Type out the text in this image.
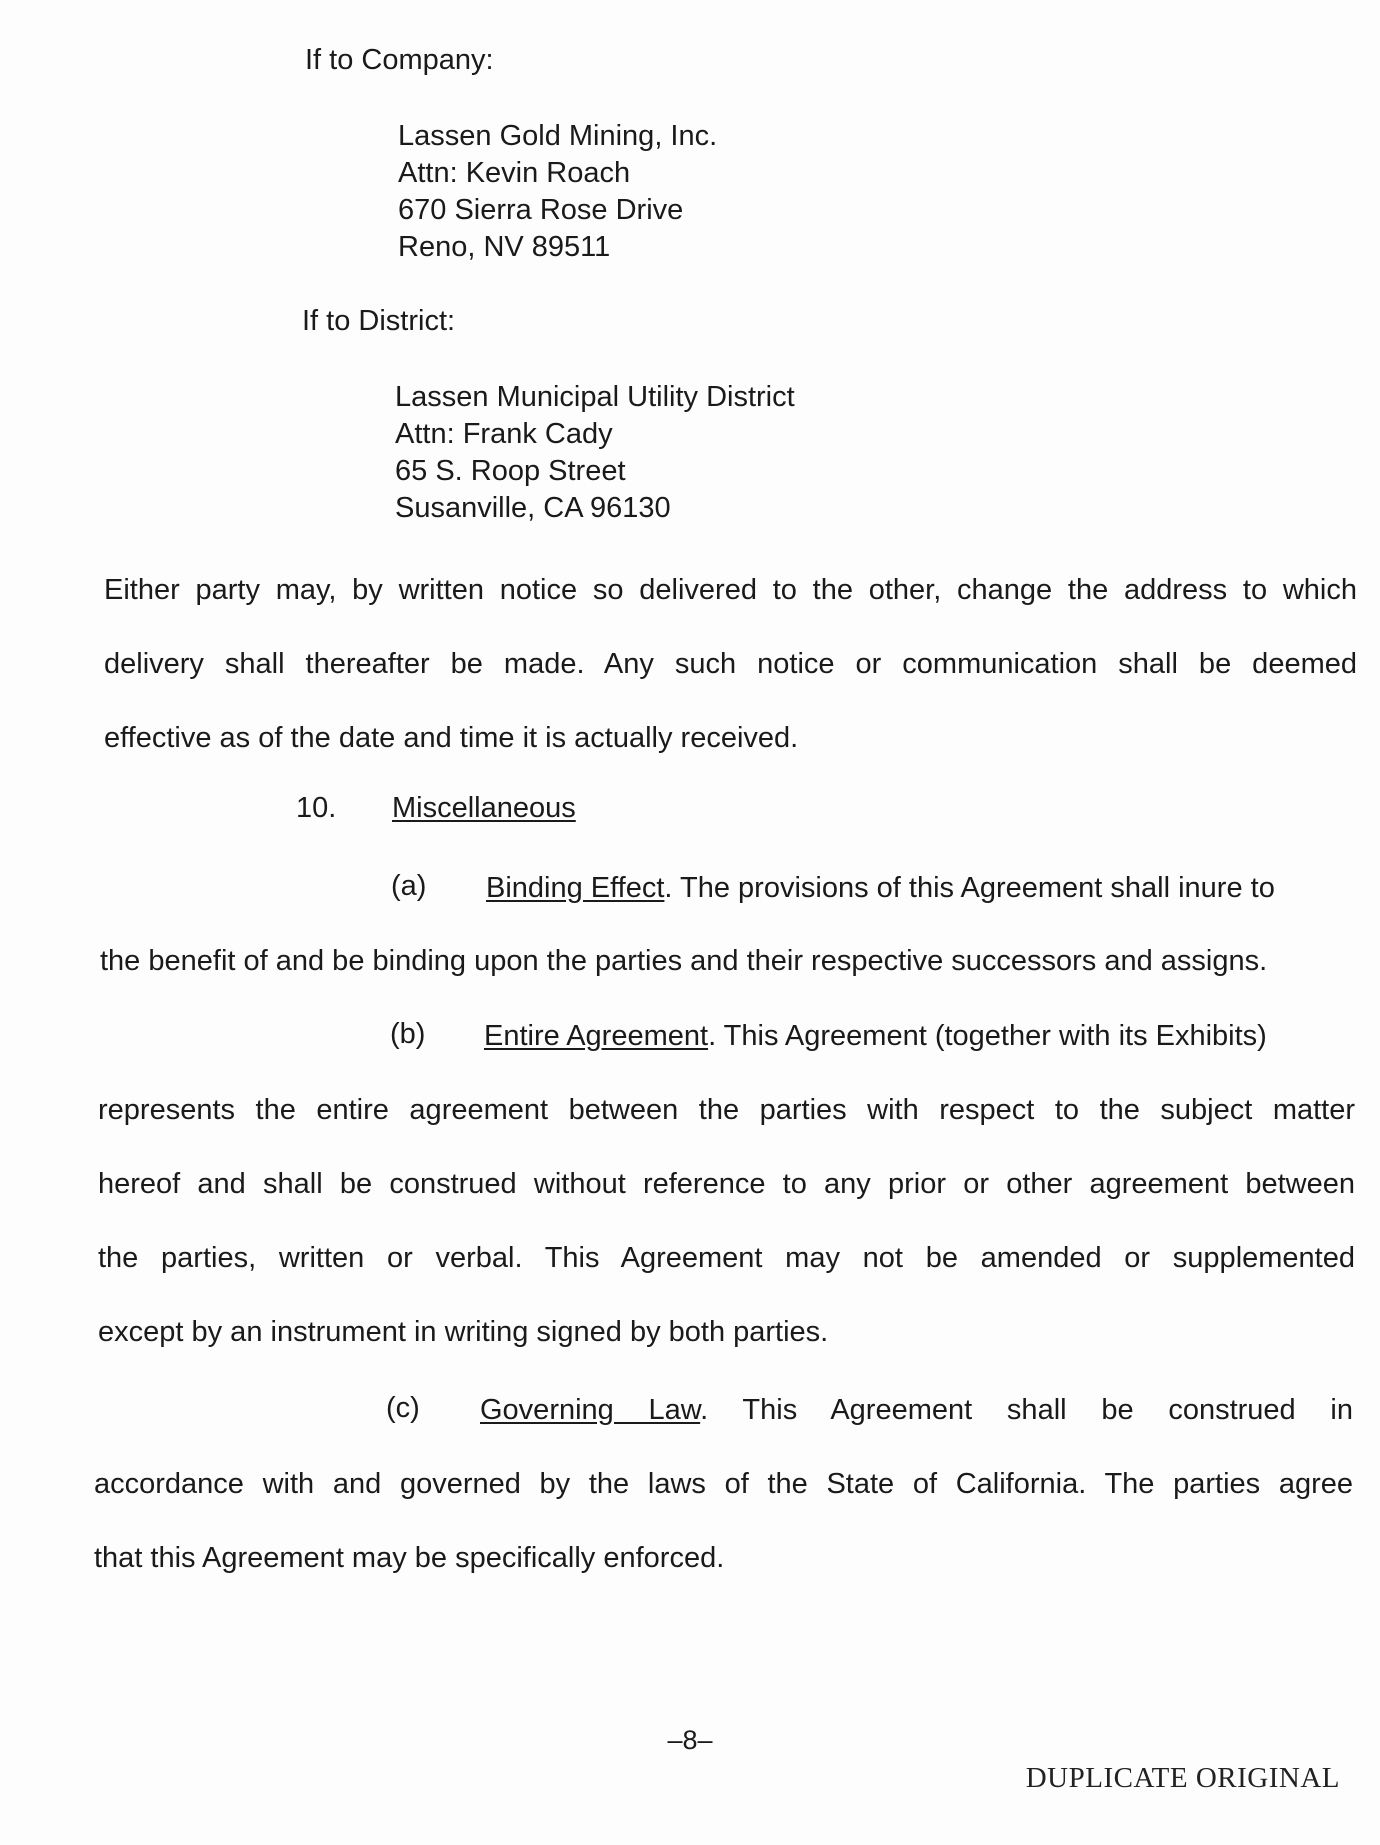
If to Company:
Lassen Gold Mining, Inc.
Attn: Kevin Roach
670 Sierra Rose Drive
Reno, NV 89511
If to District:
Lassen Municipal Utility District
Attn: Frank Cady
65 S. Roop Street
Susanville, CA 96130
Either party may, by written notice so delivered to the other, change the address to which
delivery shall thereafter be made. Any such notice or communication shall be deemed
effective as of the date and time it is actually received.
10. Miscellaneous
(a) Binding Effect. The provisions of this Agreement shall inure to
the benefit of and be binding upon the parties and their respective successors and assigns.
(b) Entire Agreement. This Agreement (together with its Exhibits)
represents the entire agreement between the parties with respect to the subject matter
hereof and shall be construed without reference to any prior or other agreement between
the parties, written or verbal. This Agreement may not be amended or supplemented
except by an instrument in writing signed by both parties.
(c) Governing Law. This Agreement shall be construed in
accordance with and governed by the laws of the State of California. The parties agree
that this Agreement may be specifically enforced.
–8–
DUPLICATE ORIGINAL
